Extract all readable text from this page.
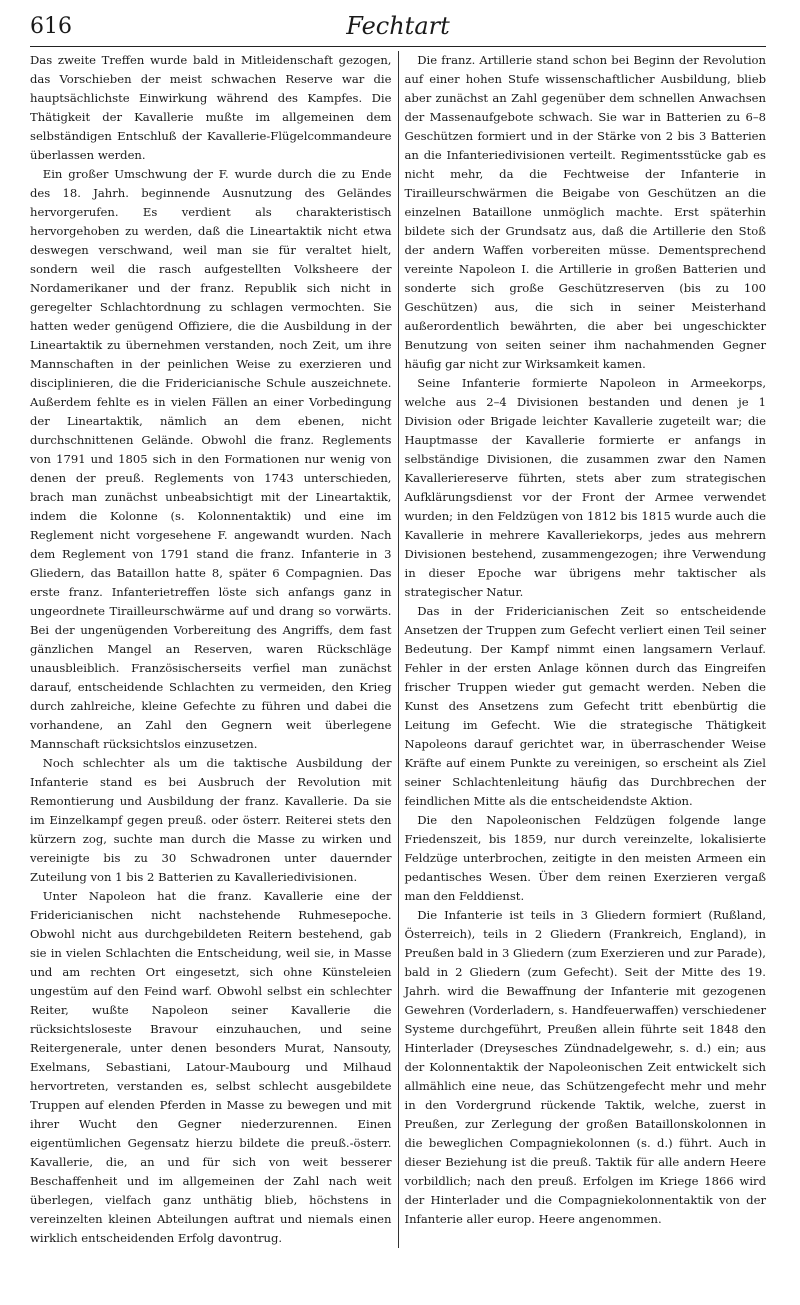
616	Fechtart

Das zweite Treffen wurde bald in Mitleidenschaft gezogen, das Vorschieben der meist schwachen Reserve war die hauptsächlichste Einwirkung während des Kampfes. Die Thätigkeit der Kavallerie mußte im allgemeinen dem selbständigen Entschluß der Kavallerie-Flügelcommandeure überlassen werden.

Ein großer Umschwung der F. wurde durch die zu Ende des 18. Jahrh. beginnende Ausnutzung des Geländes hervorgerufen. Es verdient als charakteristisch hervorgehoben zu werden, daß die Lineartaktik nicht etwa deswegen verschwand, weil man sie für veraltet hielt, sondern weil die rasch aufgestellten Volksheere der Nordamerikaner und der franz. Republik sich nicht in geregelter Schlachtordnung zu schlagen vermochten. Sie hatten weder genügend Offiziere, die die Ausbildung in der Lineartaktik zu übernehmen verstanden, noch Zeit, um ihre Mannschaften in der peinlichen Weise zu exerzieren und disciplinieren, die die Fridericianische Schule auszeichnete. Außerdem fehlte es in vielen Fällen an einer Vorbedingung der Lineartaktik, nämlich an dem ebenen, nicht durchschnittenen Gelände. Obwohl die franz. Reglements von 1791 und 1805 sich in den Formationen nur wenig von denen der preuß. Reglements von 1743 unterschieden, brach man zunächst unbeabsichtigt mit der Lineartaktik, indem die Kolonne (s. Kolonnentaktik) und eine im Reglement nicht vorgesehene F. angewandt wurden. Nach dem Reglement von 1791 stand die franz. Infanterie in 3 Gliedern, das Bataillon hatte 8, später 6 Compagnien. Das erste franz. Infanterietreffen löste sich anfangs ganz in ungeordnete Tirailleurschwärme auf und drang so vorwärts. Bei der ungenügenden Vorbereitung des Angriffs, dem fast gänzlichen Mangel an Reserven, waren Rückschläge unausbleiblich. Französischerseits verfiel man zunächst darauf, entscheidende Schlachten zu vermeiden, den Krieg durch zahlreiche, kleine Gefechte zu führen und dabei die vorhandene, an Zahl den Gegnern weit überlegene Mannschaft rücksichtslos einzusetzen.

Noch schlechter als um die taktische Ausbildung der Infanterie stand es bei Ausbruch der Revolution mit Remontierung und Ausbildung der franz. Kavallerie. Da sie im Einzelkampf gegen preuß. oder österr. Reiterei stets den kürzern zog, suchte man durch die Masse zu wirken und vereinigte bis zu 30 Schwadronen unter dauernder Zuteilung von 1 bis 2 Batterien zu Kavalleriedivisionen.

Unter Napoleon hat die franz. Kavallerie eine der Fridericianischen nicht nachstehende Ruhmesepoche. Obwohl nicht aus durchgebildeten Reitern bestehend, gab sie in vielen Schlachten die Entscheidung, weil sie, in Masse und am rechten Ort eingesetzt, sich ohne Künsteleien ungestüm auf den Feind warf. Obwohl selbst ein schlechter Reiter, wußte Napoleon seiner Kavallerie die rücksichtsloseste Bravour einzuhauchen, und seine Reitergenerale, unter denen besonders Murat, Nansouty, Exelmans, Sebastiani, Latour-Maubourg und Milhaud hervortreten, verstanden es, selbst schlecht ausgebildete Truppen auf elenden Pferden in Masse zu bewegen und mit ihrer Wucht den Gegner niederzurennen. Einen eigentümlichen Gegensatz hierzu bildete die preuß.-österr. Kavallerie, die, an und für sich von weit besserer Beschaffenheit und im allgemeinen der Zahl nach weit überlegen, vielfach ganz unthätig blieb, höchstens in vereinzelten kleinen Abteilungen auftrat und niemals einen wirklich entscheidenden Erfolg davontrug.

Die franz. Artillerie stand schon bei Beginn der Revolution auf einer hohen Stufe wissenschaftlicher Ausbildung, blieb aber zunächst an Zahl gegenüber dem schnellen Anwachsen der Massenaufgebote schwach. Sie war in Batterien zu 6–8 Geschützen formiert und in der Stärke von 2 bis 3 Batterien an die Infanteriedivisionen verteilt. Regimentsstücke gab es nicht mehr, da die Fechtweise der Infanterie in Tirailleurschwärmen die Beigabe von Geschützen an die einzelnen Bataillone unmöglich machte. Erst späterhin bildete sich der Grundsatz aus, daß die Artillerie den Stoß der andern Waffen vorbereiten müsse. Dementsprechend vereinte Napoleon I. die Artillerie in großen Batterien und sonderte sich große Geschützreserven (bis zu 100 Geschützen) aus, die sich in seiner Meisterhand außerordentlich bewährten, die aber bei ungeschickter Benutzung von seiten seiner ihm nachahmenden Gegner häufig gar nicht zur Wirksamkeit kamen.

Seine Infanterie formierte Napoleon in Armeekorps, welche aus 2–4 Divisionen bestanden und denen je 1 Division oder Brigade leichter Kavallerie zugeteilt war; die Hauptmasse der Kavallerie formierte er anfangs in selbständige Divisionen, die zusammen zwar den Namen Kavalleriereserve führten, stets aber zum strategischen Aufklärungsdienst vor der Front der Armee verwendet wurden; in den Feldzügen von 1812 bis 1815 wurde auch die Kavallerie in mehrere Kavalleriekorps, jedes aus mehrern Divisionen bestehend, zusammengezogen; ihre Verwendung in dieser Epoche war übrigens mehr taktischer als strategischer Natur.

Das in der Fridericianischen Zeit so entscheidende Ansetzen der Truppen zum Gefecht verliert einen Teil seiner Bedeutung. Der Kampf nimmt einen langsamern Verlauf. Fehler in der ersten Anlage können durch das Eingreifen frischer Truppen wieder gut gemacht werden. Neben die Kunst des Ansetzens zum Gefecht tritt ebenbürtig die Leitung im Gefecht. Wie die strategische Thätigkeit Napoleons darauf gerichtet war, in überraschender Weise Kräfte auf einem Punkte zu vereinigen, so erscheint als Ziel seiner Schlachtenleitung häufig das Durchbrechen der feindlichen Mitte als die entscheidendste Aktion.

Die den Napoleonischen Feldzügen folgende lange Friedenszeit, bis 1859, nur durch vereinzelte, lokalisierte Feldzüge unterbrochen, zeitigte in den meisten Armeen ein pedantisches Wesen. Über dem reinen Exerzieren vergaß man den Felddienst.

Die Infanterie ist teils in 3 Gliedern formiert (Rußland, Österreich), teils in 2 Gliedern (Frankreich, England), in Preußen bald in 3 Gliedern (zum Exerzieren und zur Parade), bald in 2 Gliedern (zum Gefecht). Seit der Mitte des 19. Jahrh. wird die Bewaffnung der Infanterie mit gezogenen Gewehren (Vorderladern, s. Handfeuerwaffen) verschiedener Systeme durchgeführt, Preußen allein führte seit 1848 den Hinterlader (Dreysesches Zündnadelgewehr, s. d.) ein; aus der Kolonnentaktik der Napoleonischen Zeit entwickelt sich allmählich eine neue, das Schützengefecht mehr und mehr in den Vordergrund rückende Taktik, welche, zuerst in Preußen, zur Zerlegung der großen Bataillonskolonnen in die beweglichen Compagniekolonnen (s. d.) führt. Auch in dieser Beziehung ist die preuß. Taktik für alle andern Heere vorbildlich; nach den preuß. Erfolgen im Kriege 1866 wird der Hinterlader und die Compagniekolonnentaktik von der Infanterie aller europ. Heere angenommen.
